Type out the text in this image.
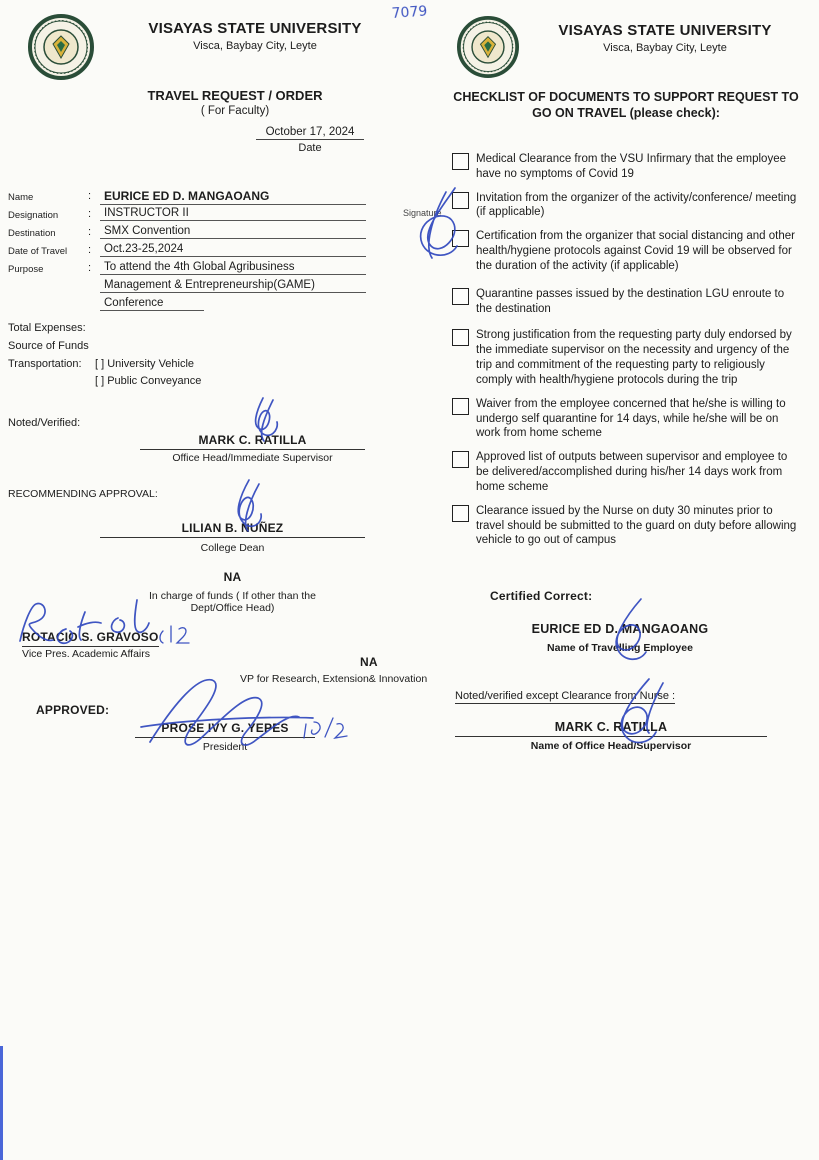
VISAYAS STATE UNIVERSITY
Visca, Baybay City, Leyte
TRAVEL REQUEST / ORDER
( For Faculty)
October 17, 2024
Date
Name	:	EURICE ED D. MANGAOANG
Designation	:	INSTRUCTOR II	Signature
Destination	:	SMX Convention
Date of Travel :	Oct.23-25,2024
Purpose	:	To attend the 4th Global Agribusiness
Management & Entrepreneurship(GAME)
Conference
Total Expenses:
Source of Funds
Transportation: [ ] University Vehicle
[ ] Public Conveyance
Noted/Verified:
MARK C. RATILLA
Office Head/Immediate Supervisor
RECOMMENDING APPROVAL:
LILIAN B. NUÑEZ
College Dean
NA
In charge of funds ( If other than the
Dept/Office Head)
ROTACIO S. GRAVOSO
Vice Pres. Academic Affairs
NA
VP for Research, Extension& Innovation
APPROVED:
PROSE IVY G. YEPES
President
VISAYAS STATE UNIVERSITY
Visca, Baybay City, Leyte
CHECKLIST OF DOCUMENTS TO SUPPORT REQUEST TO GO ON TRAVEL (please check):
Medical Clearance from the VSU Infirmary that the employee have no symptoms of Covid 19
Invitation from the organizer of the activity/conference/ meeting (if applicable)
Certification from the organizer that social distancing and other health/hygiene protocols against Covid 19 will be observed for the duration of the activity (if applicable)
Quarantine passes issued by the destination LGU enroute to the destination
Strong justification from the requesting party duly endorsed by the immediate supervisor on the necessity and urgency of the trip and commitment of the requesting party to religiously comply with health/hygiene protocols during the trip
Waiver from the employee concerned that he/she is willing to undergo self quarantine for 14 days, while he/she will be on work from home scheme
Approved list of outputs between supervisor and employee to be delivered/accomplished during his/her 14 days work from home scheme
Clearance issued by the Nurse on duty 30 minutes prior to travel should be submitted to the guard on duty before allowing vehicle to go out of campus
Certified Correct:
EURICE ED D. MANGAOANG
Name of Travelling Employee
Noted/verified except Clearance from Nurse :
MARK C. RATILLA
Name of Office Head/Supervisor
7079
